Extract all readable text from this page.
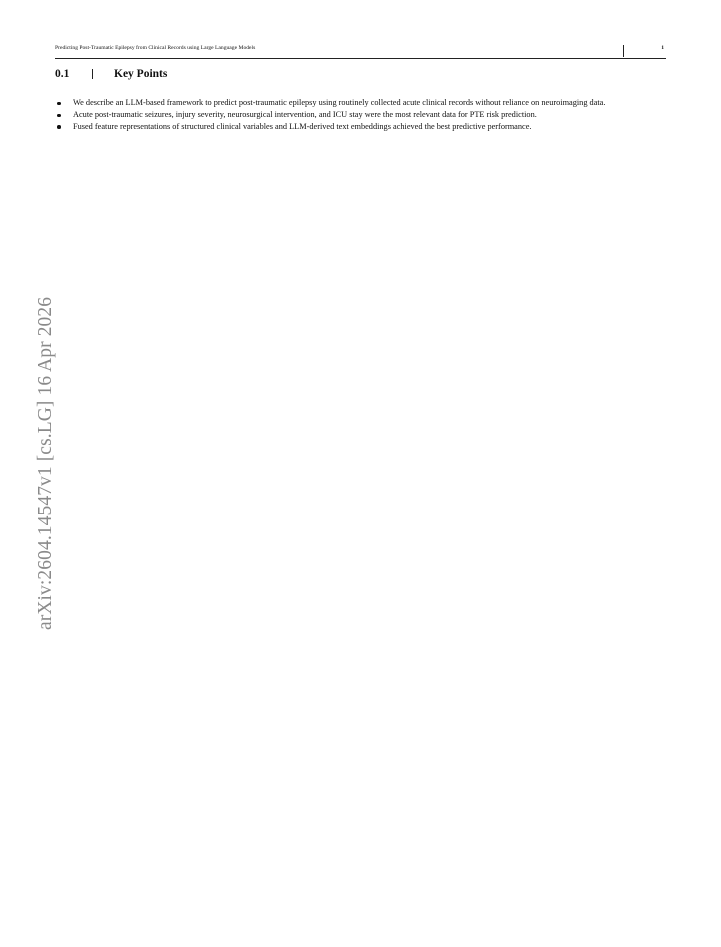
Predicting Post-Traumatic Epilepsy from Clinical Records using Large Language Models	1
0.1	Key Points
We describe an LLM-based framework to predict post-traumatic epilepsy using routinely collected acute clinical records without reliance on neuroimaging data.
Acute post-traumatic seizures, injury severity, neurosurgical intervention, and ICU stay were the most relevant data for PTE risk prediction.
Fused feature representations of structured clinical variables and LLM-derived text embeddings achieved the best predictive performance.
arXiv:2604.14547v1 [cs.LG] 16 Apr 2026
